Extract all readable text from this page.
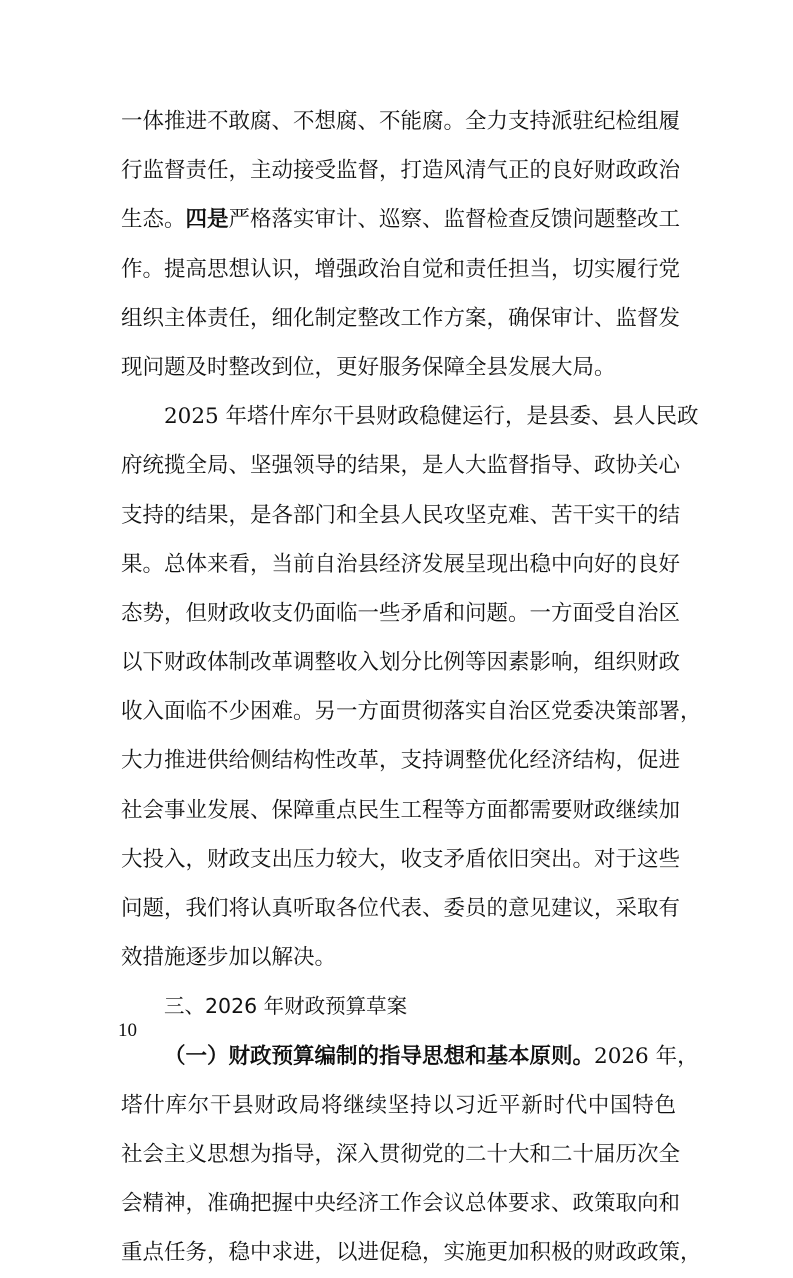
一体推进不敢腐、不想腐、不能腐。全力支持派驻纪检组履
行监督责任，主动接受监督，打造风清气正的良好财政政治
生态。四是严格落实审计、巡察、监督检查反馈问题整改工
作。提高思想认识，增强政治自觉和责任担当，切实履行党
组织主体责任，细化制定整改工作方案，确保审计、监督发
现问题及时整改到位，更好服务保障全县发展大局。
2025 年塔什库尔干县财政稳健运行，是县委、县人民政
府统揽全局、坚强领导的结果，是人大监督指导、政协关心
支持的结果，是各部门和全县人民攻坚克难、苦干实干的结
果。总体来看，当前自治县经济发展呈现出稳中向好的良好
态势，但财政收支仍面临一些矛盾和问题。一方面受自治区
以下财政体制改革调整收入划分比例等因素影响，组织财政
收入面临不少困难。另一方面贯彻落实自治区党委决策部署，
大力推进供给侧结构性改革，支持调整优化经济结构，促进
社会事业发展、保障重点民生工程等方面都需要财政继续加
大投入，财政支出压力较大，收支矛盾依旧突出。对于这些
问题，我们将认真听取各位代表、委员的意见建议，采取有
效措施逐步加以解决。
三、2026 年财政预算草案
（一）财政预算编制的指导思想和基本原则。2026 年，
塔什库尔干县财政局将继续坚持以习近平新时代中国特色
社会主义思想为指导，深入贯彻党的二十大和二十届历次全
会精神，准确把握中央经济工作会议总体要求、政策取向和
重点任务，稳中求进，以进促稳，实施更加积极的财政政策，
10
